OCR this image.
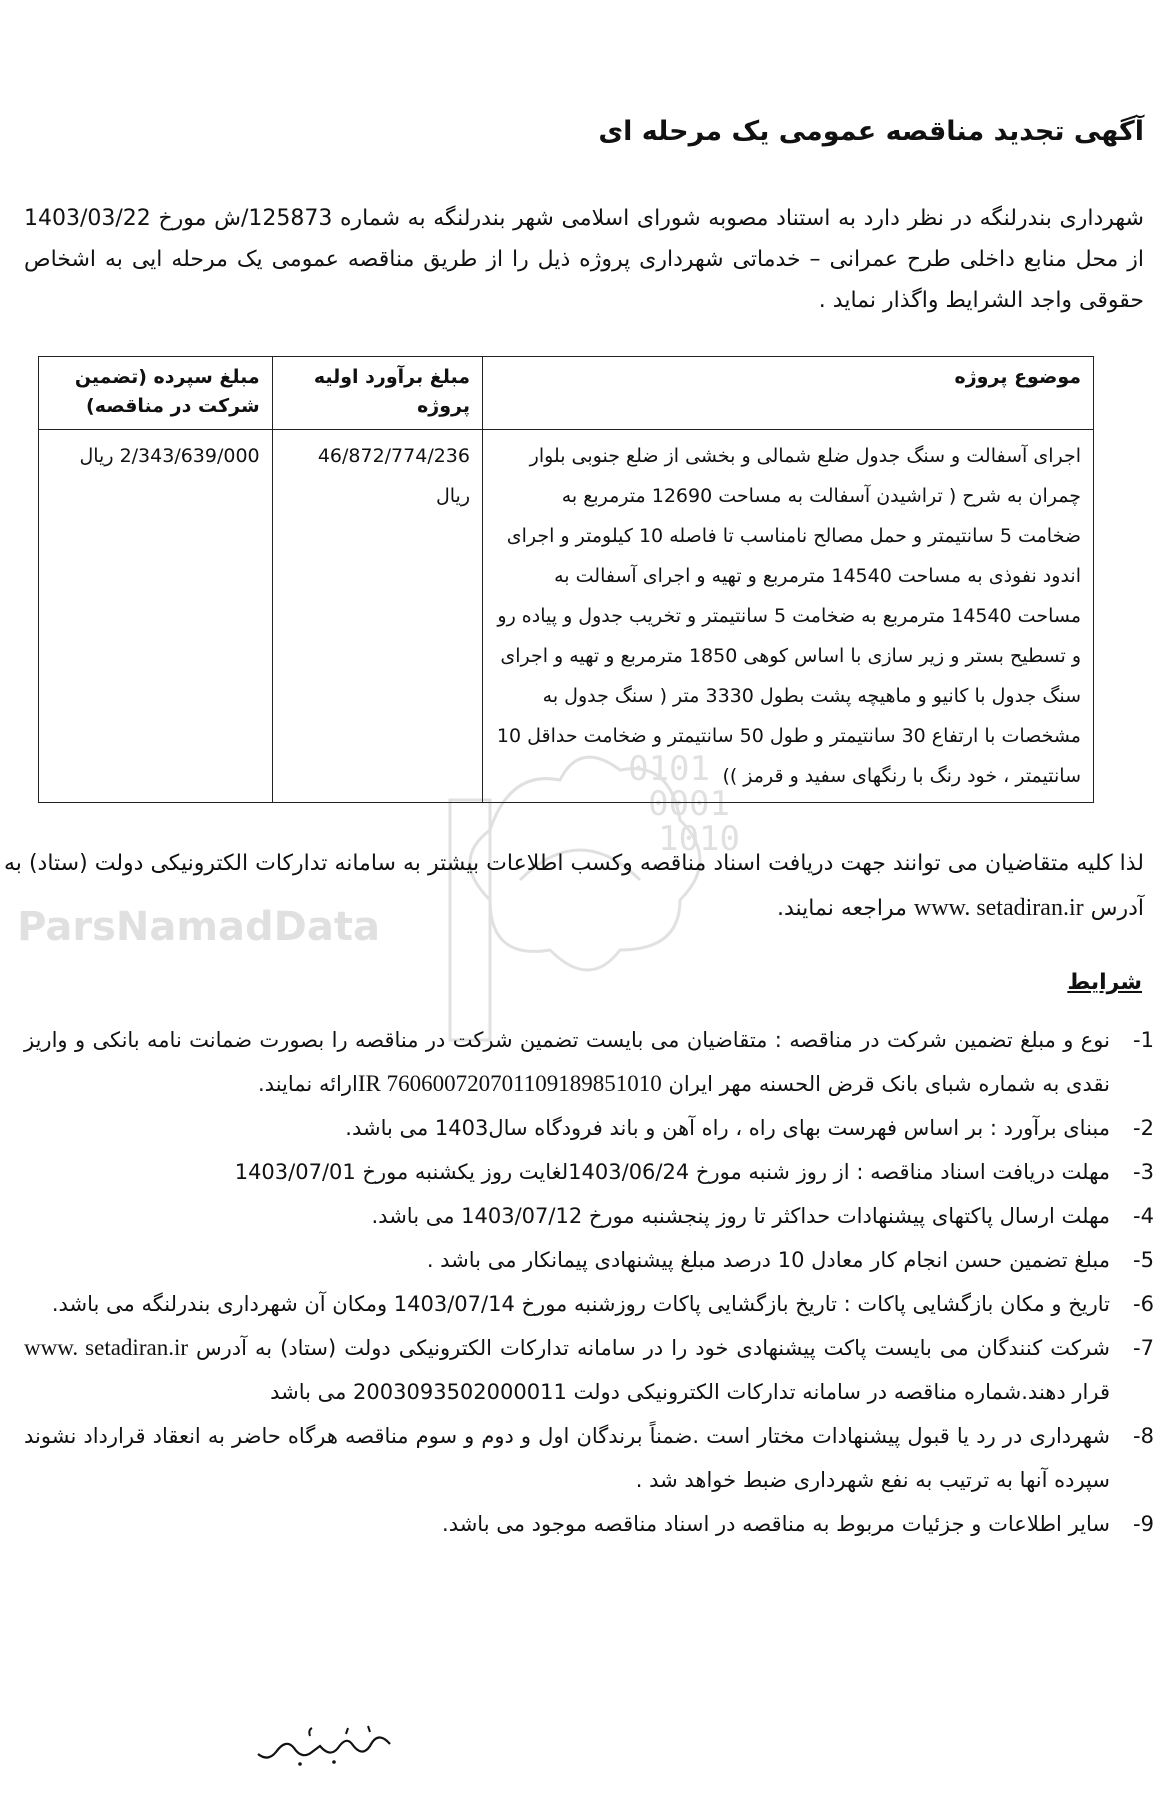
آگهی تجدید مناقصه عمومی یک مرحله ای
شهرداری بندرلنگه در نظر دارد به استناد مصوبه شورای اسلامی شهر بندرلنگه به شماره 125873/ش مورخ 1403/03/22 از محل منابع داخلی طرح عمرانی – خدماتی شهرداری پروژه ذیل را از طریق مناقصه عمومی یک مرحله ایی به اشخاص حقوقی واجد الشرایط واگذار نماید .
موضوع پروژه	مبلغ برآورد اولیه پروژه	مبلغ سپرده (تضمین شرکت در مناقصه)
اجرای آسفالت و سنگ جدول ضلع شمالی و بخشی از ضلع جنوبی بلوار چمران به شرح ( تراشیدن آسفالت به مساحت 12690 مترمربع به ضخامت 5 سانتیمتر و حمل مصالح نامناسب تا فاصله 10 کیلومتر و اجرای اندود نفوذی به مساحت 14540 مترمربع و تهیه و اجرای آسفالت به مساحت 14540 مترمربع به ضخامت 5 سانتیمتر و تخریب جدول و پیاده رو و تسطیح بستر و زیر سازی با اساس کوهی 1850 مترمربع و تهیه و اجرای سنگ جدول با کانیو و ماهیچه پشت بطول 3330 متر ( سنگ جدول به مشخصات با ارتفاع 30 سانتیمتر و طول 50 سانتیمتر و ضخامت حداقل 10 سانتیمتر ، خود رنگ با رنگهای سفید و قرمز ))	46/872/774/236 ریال	2/343/639/000 ریال
0101
0001
1010
ParsNamadData
لذا کلیه متقاضیان می توانند جهت دریافت اسناد مناقصه وکسب اطلاعات بیشتر به سامانه تدارکات الکترونیکی دولت (ستاد) به آدرس www. setadiran.ir مراجعه نمایند.
شرایط
1-
نوع و مبلغ تضمین شرکت در مناقصه : متقاضیان می بایست تضمین شرکت در مناقصه را بصورت ضمانت نامه بانکی و واریز نقدی به شماره شبای بانک قرض الحسنه مهر ایران IR 760600720701109189851010ارائه نمایند.
2-
مبنای برآورد : بر اساس فهرست بهای راه ، راه آهن و باند فرودگاه سال1403 می باشد.
3-
مهلت دریافت اسناد مناقصه : از روز شنبه مورخ 1403/06/24لغایت روز یکشنبه مورخ 1403/07/01
4-
مهلت ارسال پاکتهای پیشنهادات حداکثر تا روز پنجشنبه مورخ 1403/07/12 می باشد.
5-
مبلغ تضمین حسن انجام کار معادل 10 درصد مبلغ پیشنهادی پیمانکار می باشد .
6-
تاریخ و مکان بازگشایی پاکات : تاریخ بازگشایی پاکات روزشنبه مورخ 1403/07/14 ومکان آن شهرداری بندرلنگه می باشد.
7-
شرکت کنندگان می بایست پاکت پیشنهادی خود را در سامانه تدارکات الکترونیکی دولت (ستاد) به آدرس www. setadiran.ir قرار دهند.شماره مناقصه در سامانه تدارکات الکترونیکی دولت 2003093502000011 می باشد
8-
شهرداری در رد یا قبول پیشنهادات مختار است .ضمناً برندگان اول و دوم و سوم مناقصه هرگاه حاضر به انعقاد قرارداد نشوند سپرده آنها به ترتیب به نفع شهرداری ضبط خواهد شد .
9-
سایر اطلاعات و جزئیات مربوط به مناقصه در اسناد مناقصه موجود می باشد.
